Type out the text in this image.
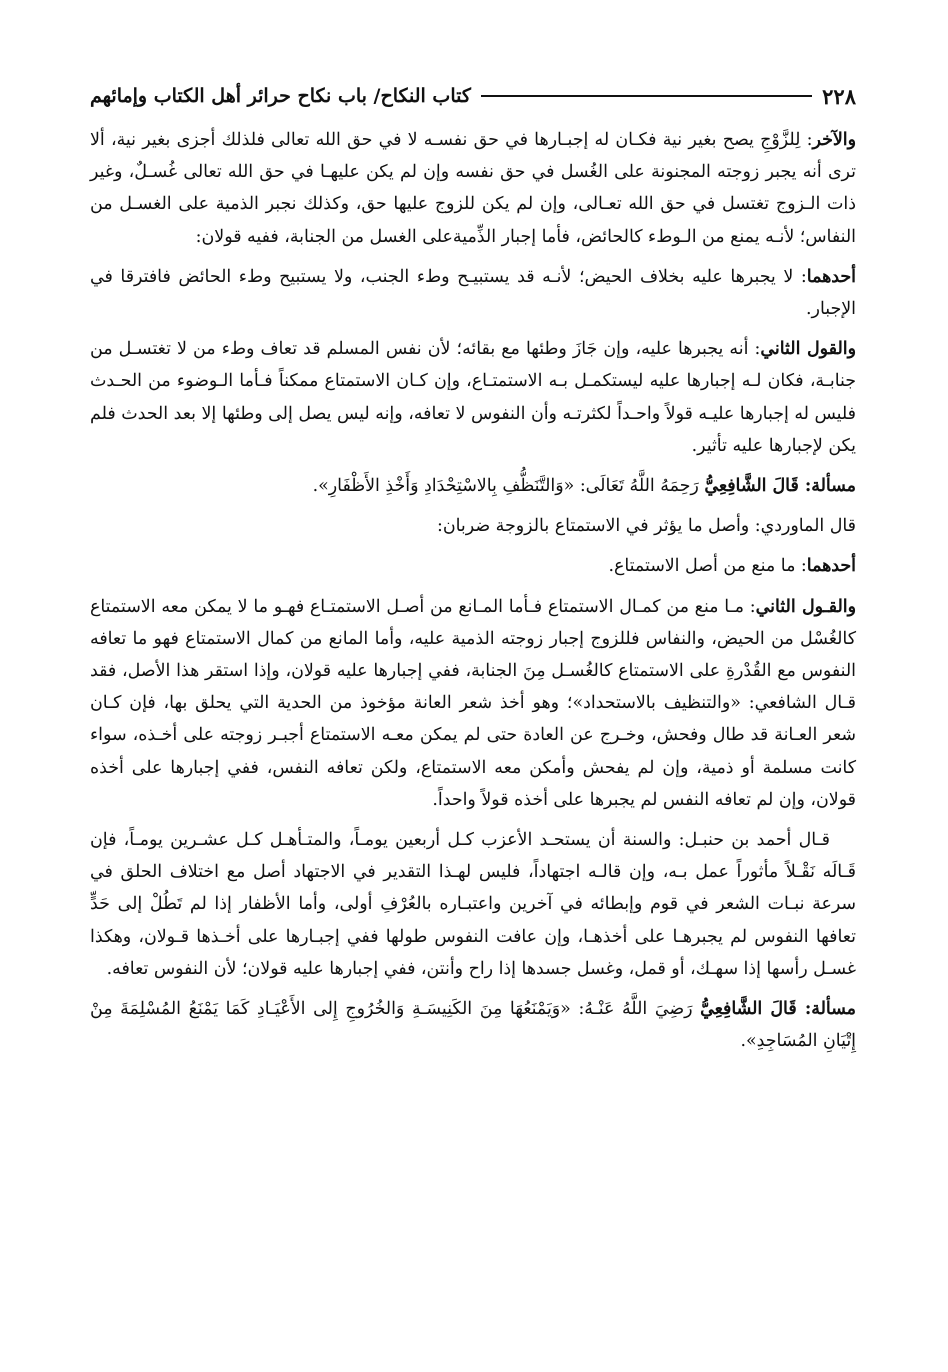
٢٢٨
كتاب النكاح/ باب نكاح حرائر أهل الكتاب وإمائهم

والآخر: لِلزَّوْجِ يصح بغير نية فكـان له إجبـارها في حق نفسـه لا في حق الله تعالى فلذلك أجزى بغير نية، ألا ترى أنه يجبر زوجته المجنونة على الغُسل في حق نفسه وإن لم يكن عليهـا في حق الله تعالى غُسـلٌ، وغير ذات الـزوج تغتسل في حق الله تعـالى، وإن لم يكن للزوج عليها حق، وكذلك نجبر الذمية على الغسـل من النفاس؛ لأنـه يمنع من الـوطء كالحائض، فأما إجبار الذِّميةعلى الغسل من الجنابة، ففيه قولان:

أحدهما: لا يجبرها عليه بخلاف الحيض؛ لأنـه قد يستبيـح وطء الجنب، ولا يستبيح وطء الحائض فافترقا في الإجبار.

والقول الثاني: أنه يجبرها عليه، وإن جَازَ وطئها مع بقائه؛ لأن نفس المسلم قد تعاف وطء من لا تغتسـل من جنابـة، فكان لـه إجبارها عليه ليستكمـل بـه الاستمتـاع، وإن كـان الاستمتاع ممكناً فـأما الـوضوء من الحـدث فليس له إجبارها عليـه قولاً واحـداً لكثرتـه وأن النفوس لا تعافه، وإنه ليس يصل إلى وطئها إلا بعد الحدث فلم يكن لإجبارها عليه تأثير.

مسألة: قَالَ الشَّافِعِيُّ رَحِمَهُ اللَّهُ تَعَالَى: «وَالتَّنَظُّفِ بِالاسْتِحْدَادِ وَأَخْذِ الأَظْفَارِ».

قال الماوردي: وأصل ما يؤثر في الاستمتاع بالزوجة ضربان:

أحدهما: ما منع من أصل الاستمتاع.

والقـول الثاني: مـا منع من كمـال الاستمتاع فـأما المـانع من أصـل الاستمتـاع فهـو ما لا يمكن معه الاستمتاع كالغُسْل من الحيض، والنفاس فللزوج إجبار زوجته الذمية عليه، وأما المانع من كمال الاستمتاع فهو ما تعافه النفوس مع القُدْرةِ على الاستمتاع كالغُسـل مِنَ الجنابة، ففي إجبارها عليه قولان، وإذا استقر هذا الأصل، فقد قـال الشافعي: «والتنظيف بالاستحداد»؛ وهو أخذ شعر العانة مؤخوذ من الحدية التي يحلق بها، فإن كـان شعر العـانة قد طال وفحش، وخـرج عن العادة حتى لم يمكن معـه الاستمتاع أجبـر زوجته على أخـذه، سواء كانت مسلمة أو ذمية، وإن لم يفحش وأمكن معه الاستمتاع، ولكن تعافه النفس، ففي إجبارها على أخذه قولان، وإن لم تعافه النفس لم يجبرها على أخذه قولاً واحداً.

قـال أحمد بن حنبـل: والسنة أن يستحـد الأعزب كـل أربعين يومـاً، والمتـأهـل كـل عشـرين يومـاً، فإن قَـالَه نَقْـلاً مأثوراً عمل بـه، وإن قالـه اجتهاداً، فليس لهـذا التقدير في الاجتهاد أصل مع اختلاف الحلق في سرعة نبـات الشعر في قوم وإبطائه في آخرين واعتبـاره بالعُرْفِ أولى، وأما الأظفار إذا لم تَطُلْ إلى حَدٍّ تعافها النفوس لم يجبرهـا على أخذهـا، وإن عافت النفوس طولها ففي إجبـارها على أخـذها قـولان، وهكذا غسـل رأسها إذا سهـك، أو قمل، وغسل جسدها إذا راح وأنتن، ففي إجبارها عليه قولان؛ لأن النفوس تعافه.

مسألة: قَالَ الشَّافِعِيُّ رَضِيَ اللَّهُ عَنْـهُ: «وَيَمْنَعُهَا مِنَ الكَنِيسَـةِ وَالخُرُوجِ إِلى الأَعْيَـادِ كَمَا يَمْنَعُ المُسْلِمَةَ مِنْ إِتْيَانِ المُسَاجِدِ».
